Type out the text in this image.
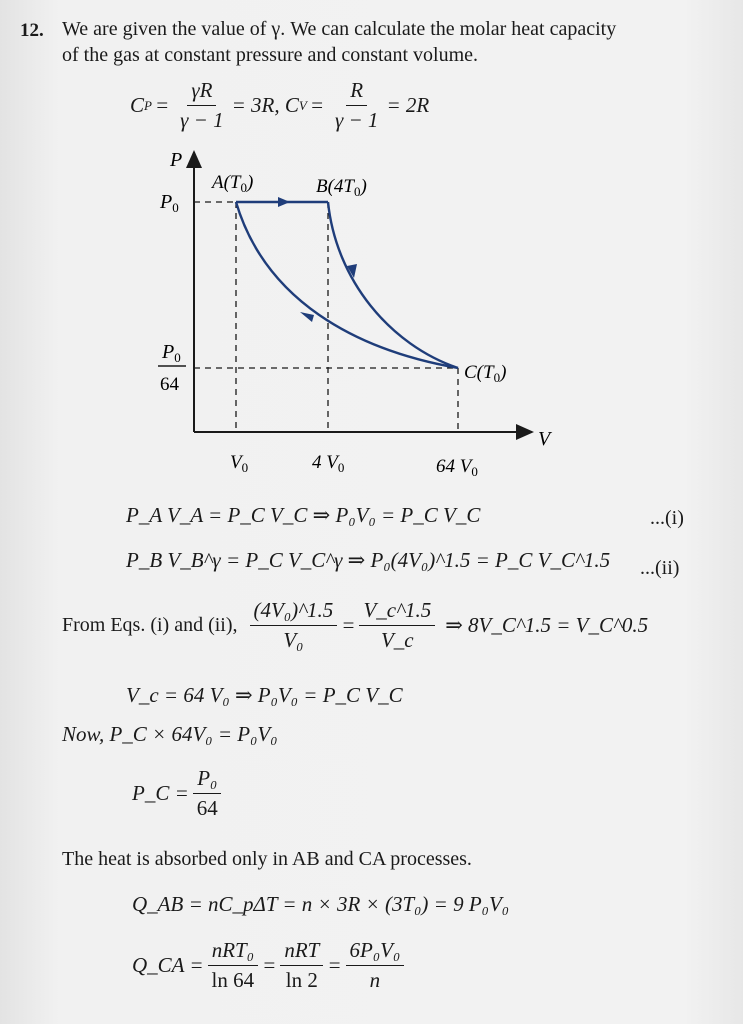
12. We are given the value of γ. We can calculate the molar heat capacity
of the gas at constant pressure and constant volume.
C $P = \frac{\gamma R}{\gamma - 1} = 3R$, C $V = \frac{R}{\gamma - 1} = 2R$
P
V
$P_0$
$P_0$
64
$A(T_0)$	$B(4T_0)$
$C(T_0)$
$V_0$	4 $V_0$	64 $V_0$
P_A V_A = P_C V_C ⇒ P₀V₀ = P_C V_C	...(i)
P_B V_B^γ = P_C V_C^γ ⇒ P₀(4V₀)^1.5 = P_C V_C^1.5 ...(ii)
From Eqs. (i) and (ii), $\frac{\text{(4V₀)\textasciicircum{}1.5}}{\text{V₀}} = \frac{V\_c\^{}1.5}{V\_c}$ ⇒ 8V_C^1.5 = V_C^0.5
V_c = 64 V₀ ⇒ P₀V₀ = P_C V_C
Now, P_C × 64V₀ = P₀V₀
P_C = $\frac{\text{P₀}}{64}$
The heat is absorbed only in AB and CA processes.
Q_AB = nC_pΔT = n × 3R × (3T₀) = 9 P₀V₀
Q_CA = $\frac{\text{nRT₀}}{\ln 64} = \frac{\text{nRT}}{\ln 2} = \frac{\text{6P₀V₀}}{n}$
